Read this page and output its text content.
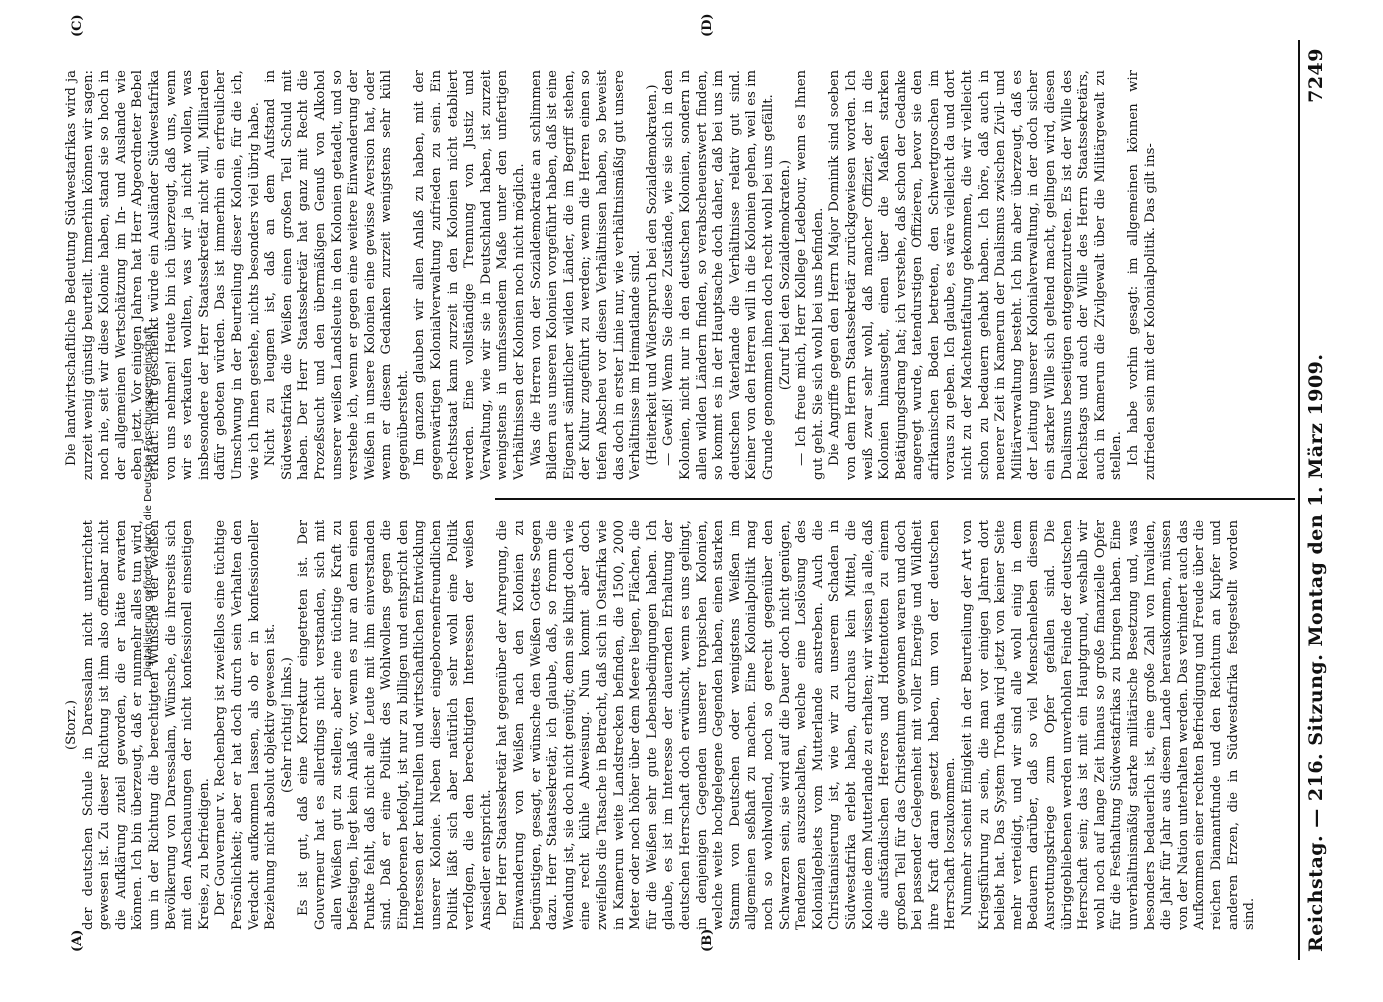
Reichstag. — 216. Sitzung.
Montag den 1. März 1909.
7249
(A)	(B)
(C)	(D)

(Storz.) der deutschen Schule in Daressalam nicht unterrichtet gewesen ist. Zu dieser Richtung ist ihm also offenbar nicht die Aufklärung zuteil geworden, die er hätte erwarten können. Ich bin überzeugt, daß er nunmehr alles tun wird, um in der Richtung die berechtigten Wünsche der weißen Bevölkerung von Daressalam, Wünsche, die ihrerseits sich mit den Anschauungen der nicht konfessionell einseitigen Kreise, zu befriedigen. Der Gouverneur v. Rechenberg ist zweifellos eine tüchtige Persönlichkeit; aber er hat doch durch sein Verhalten den Verdacht aufkommen lassen, als ob er in konfessioneller Beziehung nicht absolut objektiv gewesen ist. (Sehr richtig! links.) Es ist gut, daß eine Korrektur eingetreten ist. Der Gouverneur hat es allerdings nicht verstanden, sich mit allen Weißen gut zu stellen; aber eine tüchtige Kraft zu befestigen, liegt kein Anlaß vor, wenn es nur an dem einen Punkte fehlt, daß nicht alle Leute mit ihm einverstanden sind. Daß er eine Politik des Wohlwollens gegen die Eingeborenen befolgt, ist nur zu billigen und entspricht den Interessen der kulturellen und wirtschaftlichen Entwicklung unserer Kolonie. Neben dieser eingeborenenfreundlichen Politik läßt sich aber natürlich sehr wohl eine Politik verfolgen, die den berechtigten Interessen der weißen Ansiedler entspricht. Der Herr Staatssekretär hat gegenüber der Anregung, die Einwanderung von Weißen nach den Kolonien zu begünstigen, gesagt, er wünsche den Weißen Gottes Segen dazu. Herr Staatssekretär, ich glaube, daß, so fromm die Wendung ist, sie doch nicht genügt; denn sie klingt doch wie eine recht kühle Abweisung. Nun kommt aber doch zweifellos die Tatsache in Betracht, daß sich in Ostafrika wie in Kamerun weite Landstrecken befinden, die 1500, 2000 Meter oder noch höher über dem Meere liegen, Flächen, die für die Weißen sehr gute Lebensbedingungen haben. Ich glaube, es ist im Interesse der dauernden Erhaltung der deutschen Herrschaft doch erwünscht, wenn es uns gelingt, in denjenigen Gegenden unserer tropischen Kolonien, welche weite hochgelegene Gegenden haben, einen starken Stamm von Deutschen oder wenigstens Weißen im allgemeinen seßhaft zu machen. Eine Kolonialpolitik mag noch so wohlwollend, noch so gerecht gegenüber den Schwarzen sein, sie wird auf die Dauer doch nicht genügen, Tendenzen auszuschalten, welche eine Loslösung des Kolonialgebiets vom Mutterlande anstreben. Auch die Christianisierung ist, wie wir zu unserem Schaden in Südwestafrika erlebt haben, durchaus kein Mittel, die Kolonie dem Mutterlande zu erhalten; wir wissen ja alle, daß die aufständischen Hereros und Hottentotten zu einem großen Teil für das Christentum gewonnen waren und doch bei passender Gelegenheit mit voller Energie und Wildheit ihre Kraft daran gesetzt haben, um von der deutschen Herrschaft loszukommen. Nunmehr scheint Einigkeit in der Beurteilung der Art von Kriegsführung zu sein, die man vor einigen Jahren dort beliebt hat. Das System Trotha wird jetzt von keiner Seite mehr verteidigt, und wir sind alle wohl einig in dem Bedauern darüber, daß so viel Menschenleben diesem Ausrottungskriege zum Opfer gefallen sind. Die übriggebliebenen werden unverhohlen Feinde der deutschen Herrschaft sein; das ist mit ein Hauptgrund, weshalb wir wohl noch auf lange Zeit hinaus so große finanzielle Opfer für die Festhaltung Südwestafrikas zu bringen haben. Eine unverhältnismäßig starke militärische Besetzung und, was besonders bedauerlich ist, eine große Zahl von Invaliden, die Jahr für Jahr aus diesem Lande herauskommen, müssen von der Nation unterhalten werden. Das verhindert auch das Aufkommen einer rechten Befriedigung und Freude über die reichen Diamantfunde und den Reichtum an Kupfer und anderen Erzen, die in Südwestafrika festgestellt worden sind.

Die landwirtschaftliche Bedeutung Südwestafrikas wird ja zurzeit wenig günstig beurteilt. Immerhin können wir sagen: noch nie, seit wir diese Kolonie haben, stand sie so hoch in der allgemeinen Wertschätzung im In- und Auslande wie eben jetzt. Vor einigen Jahren hat Herr Abgeordneter Bebel erklärt: nicht geschenkt würde ein Ausländer Südwestafrika von uns nehmen! Heute bin ich überzeugt, daß uns, wenn wir es verkaufen wollten, was wir ja nicht wollen, was insbesondere der Herr Staatssekretär nicht will, Milliarden dafür geboten würden. Das ist immerhin ein erfreulicher Umschwung in der Beurteilung dieser Kolonie, für die ich, wie ich Ihnen gestehe, nichts besonders viel übrig habe. Nicht zu leugnen ist, daß an dem Aufstand in Südwestafrika die Weißen einen großen Teil Schuld mit haben. Der Herr Staatssekretär hat ganz mit Recht die Prozeßsucht und den übermäßigen Genuß von Alkohol unserer weißen Landsleute in den Kolonien getadelt, und so verstehe ich, wenn er gegen eine weitere Einwanderung der Weißen in unsere Kolonien eine gewisse Aversion hat, oder wenn er diesem Gedanken zurzeit wenigstens sehr kühl gegenübersteht. Im ganzen glauben wir allen Anlaß zu haben, mit der gegenwärtigen Kolonialverwaltung zufrieden zu sein. Ein Rechtsstaat kann zurzeit in den Kolonien nicht etabliert werden. Eine vollständige Trennung von Justiz und Verwaltung, wie wir sie in Deutschland haben, ist zurzeit wenigstens in umfassendem Maße unter den unfertigen Verhältnissen der Kolonien noch nicht möglich. Was die Herren von der Sozialdemokratie an schlimmen Bildern aus unseren Kolonien vorgeführt haben, daß ist eine Eigenart sämtlicher wilden Länder, die im Begriff stehen, der Kultur zugeführt zu werden; wenn die Herren einen so tiefen Abscheu vor diesen Verhältnissen haben, so beweist das doch in erster Linie nur, wie verhältnismäßig gut unsere Verhältnisse im Heimatlande sind. (Heiterkeit und Widerspruch bei den Sozialdemokraten.) — Gewiß! Wenn Sie diese Zustände, wie sie sich in den Kolonien, nicht nur in den deutschen Kolonien, sondern in allen wilden Ländern finden, so verabscheuenswert finden, so kommt es in der Hauptsache doch daher, daß bei uns im deutschen Vaterlande die Verhältnisse relativ gut sind. Keiner von den Herren will in die Kolonien gehen, weil es im Grunde genommen ihnen doch recht wohl bei uns gefällt. (Zuruf bei den Sozialdemokraten.) — Ich freue mich, Herr Kollege Ledebour, wenn es Ihnen gut geht. Sie sich wohl bei uns befinden. Die Angriffe gegen den Herrn Major Dominik sind soeben von dem Herrn Staatssekretär zurückgewiesen worden. Ich weiß zwar sehr wohl, daß mancher Offizier, der in die Kolonien hinausgeht, einen über die Maßen starken Betätigungsdrang hat; ich verstehe, daß schon der Gedanke angeregt wurde, tatendurstigen Offizieren, bevor sie den afrikanischen Boden betreten, den Schwertgroschen im voraus zu geben. Ich glaube, es wäre vielleicht da und dort nicht zu der Machtentfaltung gekommen, die wir vielleicht schon zu bedauern gehabt haben. Ich höre, daß auch in neuerer Zeit in Kamerun der Dualismus zwischen Zivil- und Militärverwaltung besteht. Ich bin aber überzeugt, daß es der Leitung unserer Kolonialverwaltung, in der doch sicher ein starker Wille sich geltend macht, gelingen wird, diesen Dualismus beseitigen entgegenzutreten. Es ist der Wille des Reichstags und auch der Wille des Herrn Staatssekretärs, auch in Kamerun die Zivilgewalt über die Militärgewalt zu stellen. Ich habe vorhin gesagt: im allgemeinen können wir zufrieden sein mit der Kolonialpolitik. Das gilt ins-

Digitalisierung gefördert durch die Deutsche Forschungsgemeinschaft
